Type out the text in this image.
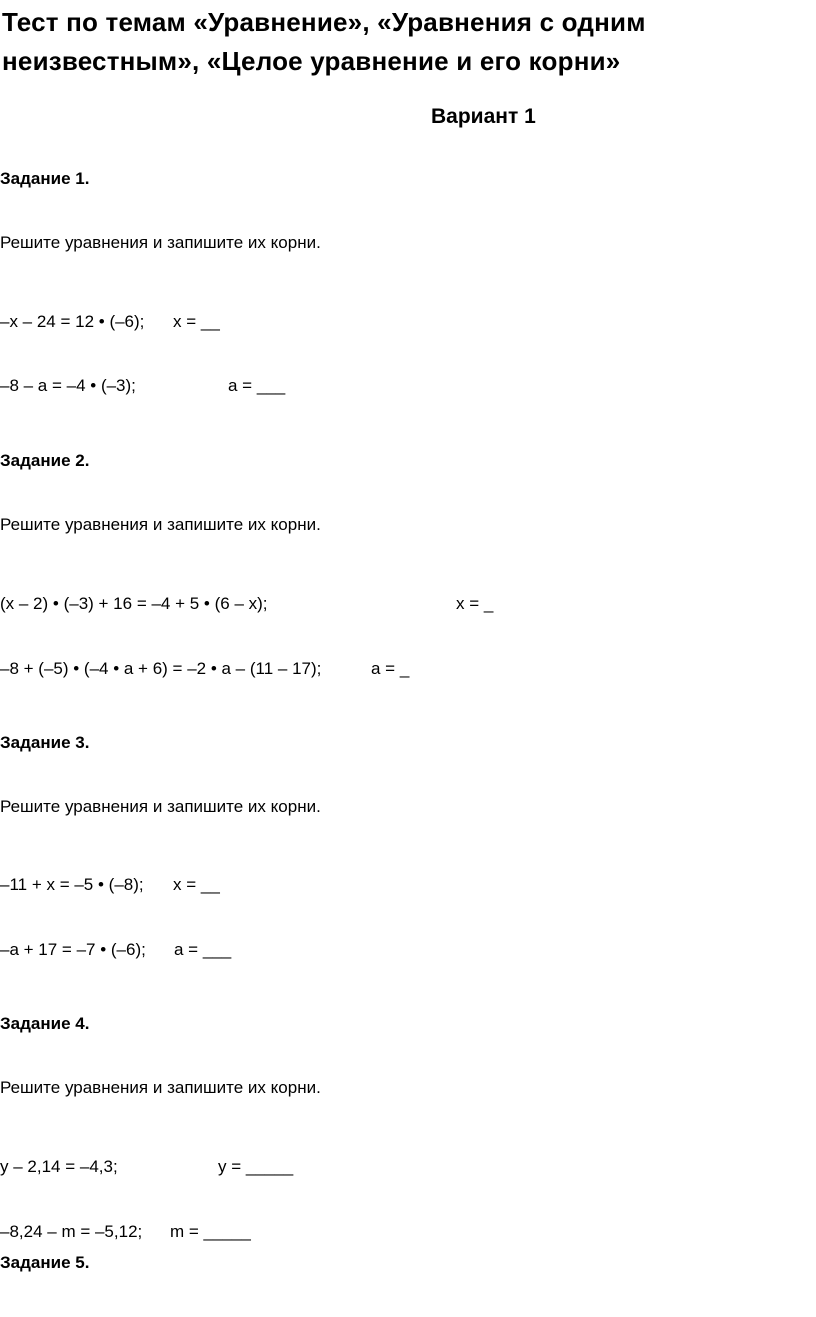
Тест по темам «Уравнение», «Уравнения с одним
неизвестным», «Целое уравнение и его корни»
Вариант 1
Задание 1.
Решите уравнения и запишите их корни.
–x – 24 = 12 • (–6); x = __
–8 – a = –4 • (–3);	a = ___
Задание 2.
Решите уравнения и запишите их корни.
(x – 2) • (–3) + 16 = –4 + 5 • (6 – x);	x = _
–8 + (–5) • (–4 • a + 6) = –2 • a – (11 – 17);	a = _
Задание 3.
Решите уравнения и запишите их корни.
–11 + x = –5 • (–8); x = __
–a + 17 = –7 • (–6); a = ___
Задание 4.
Решите уравнения и запишите их корни.
y – 2,14 = –4,3;	y = _____
–8,24 – m = –5,12; m = _____
Задание 5.
